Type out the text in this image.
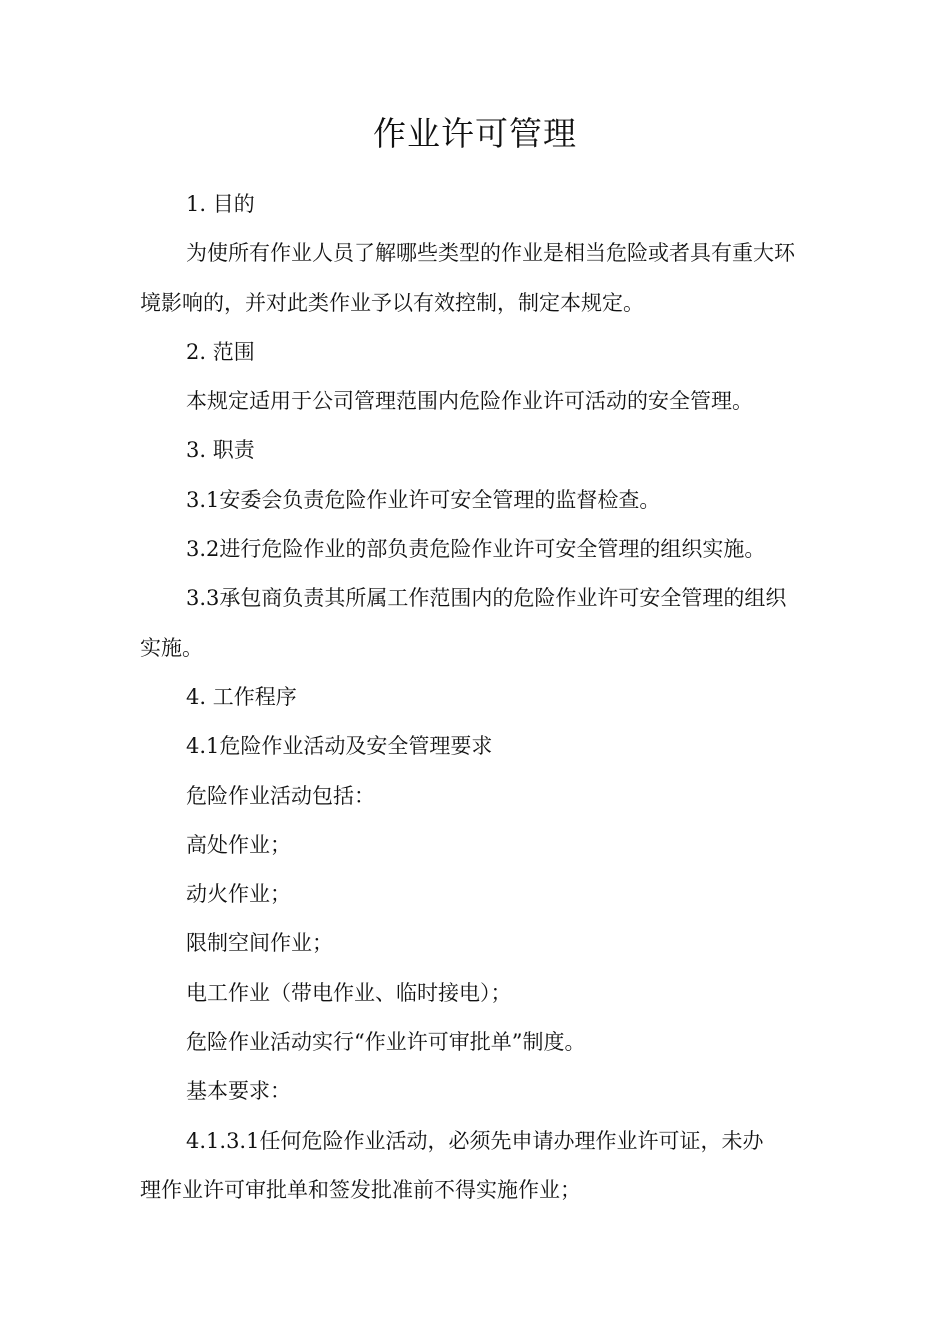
作业许可管理

1. 目的

为使所有作业人员了解哪些类型的作业是相当危险或者具有重大环

境影响的，并对此类作业予以有效控制，制定本规定。

2. 范围

本规定适用于公司管理范围内危险作业许可活动的安全管理。

3. 职责

3.1安委会负责危险作业许可安全管理的监督检查。

3.2进行危险作业的部负责危险作业许可安全管理的组织实施。

3.3承包商负责其所属工作范围内的危险作业许可安全管理的组织

实施。

4. 工作程序

4.1危险作业活动及安全管理要求

危险作业活动包括：

高处作业；

动火作业；

限制空间作业；

电工作业（带电作业、临时接电）；

危险作业活动实行“作业许可审批单”制度。

基本要求：

4.1.3.1任何危险作业活动，必须先申请办理作业许可证，未办

理作业许可审批单和签发批准前不得实施作业；
